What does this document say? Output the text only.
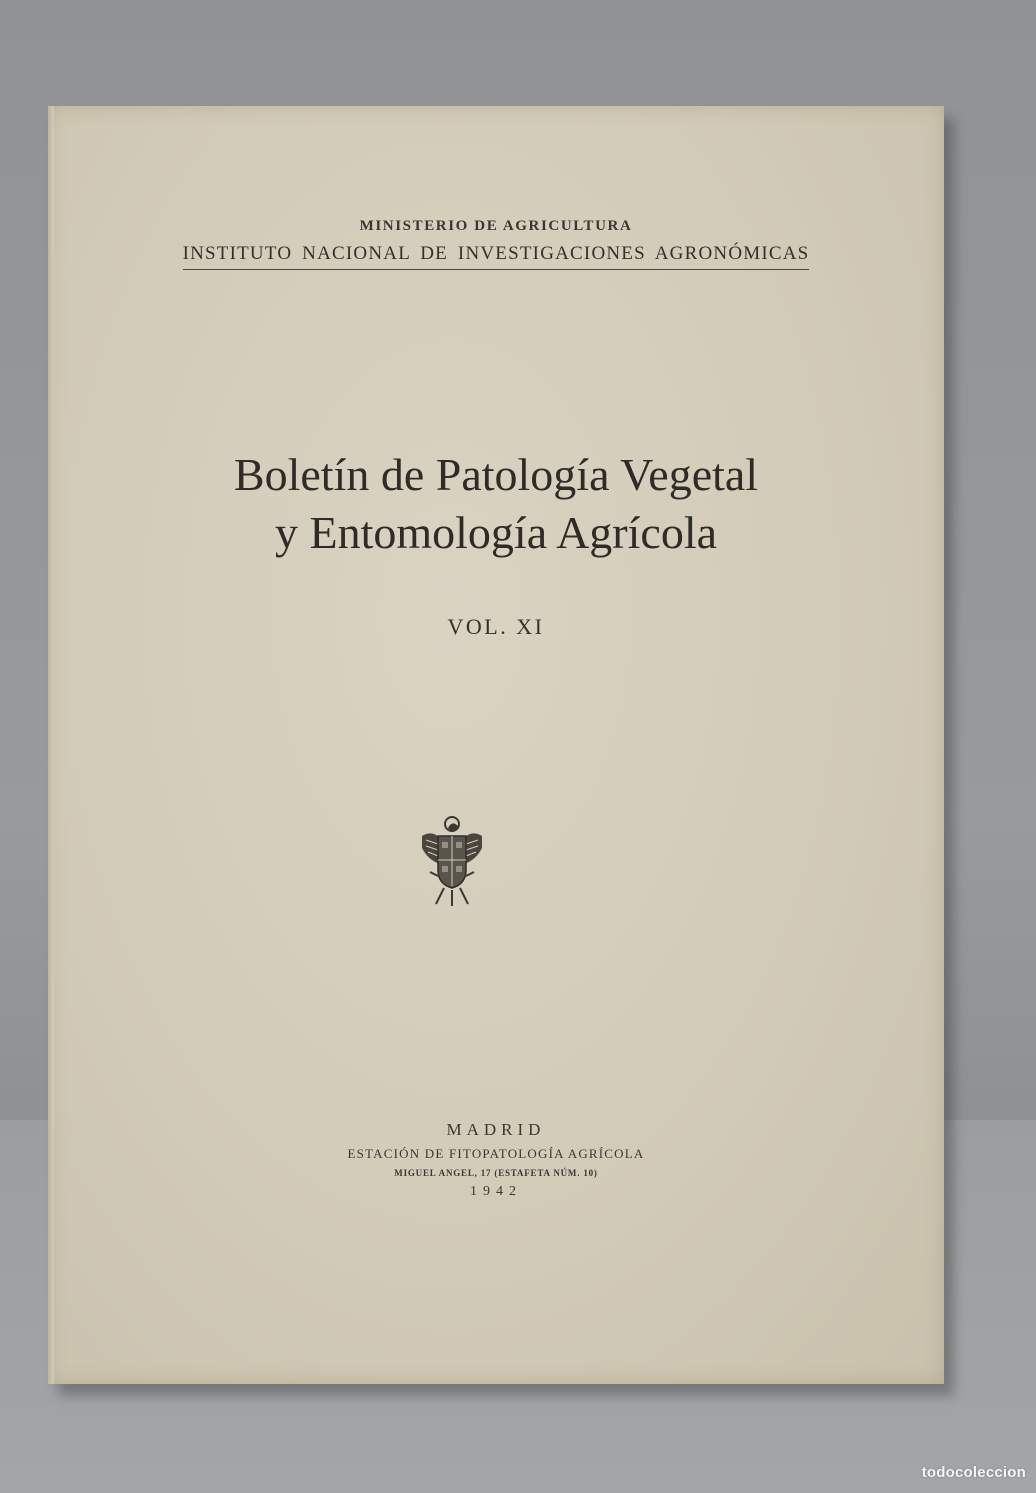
MINISTERIO DE AGRICULTURA
INSTITUTO NACIONAL DE INVESTIGACIONES AGRONÓMICAS
Boletín de Patología Vegetal
y Entomología Agrícola
VOL. XI
MADRID
ESTACIÓN DE FITOPATOLOGÍA AGRÍCOLA
MIGUEL ANGEL, 17 (ESTAFETA NÚM. 10)
1942
todocoleccion
